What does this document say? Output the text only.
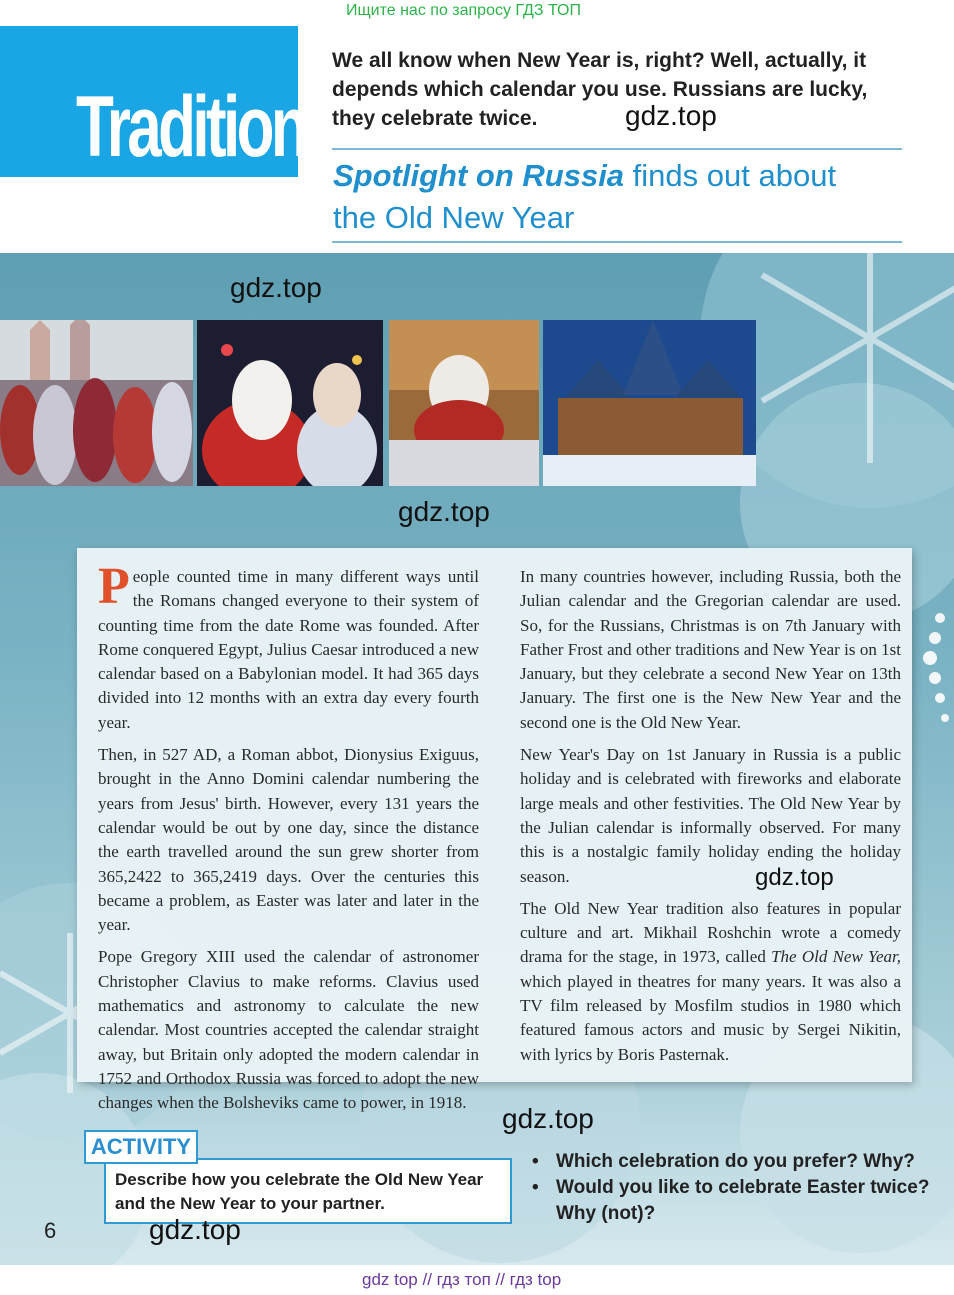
Ищите нас по запросу ГДЗ ТОП
Tradition
We all know when New Year is, right? Well, actually, it depends which calendar you use. Russians are lucky, they celebrate twice.
Spotlight on Russia finds out about
the Old New Year
gdz.top
gdz.top
gdz.top

People counted time in many different ways until the Romans changed everyone to their system of counting time from the date Rome was founded. After Rome conquered Egypt, Julius Caesar introduced a new calendar based on a Babylonian model. It had 365 days divided into 12 months with an extra day every fourth year.

Then, in 527 AD, a Roman abbot, Dionysius Exiguus, brought in the Anno Domini calendar numbering the years from Jesus' birth. However, every 131 years the calendar would be out by one day, since the distance the earth travelled around the sun grew shorter from 365,2422 to 365,2419 days. Over the centuries this became a problem, as Easter was later and later in the year.

Pope Gregory XIII used the calendar of astronomer Christopher Clavius to make reforms. Clavius used mathematics and astronomy to calculate the new calendar. Most countries accepted the calendar straight away, but Britain only adopted the modern calendar in 1752 and Orthodox Russia was forced to adopt the new changes when the Bolsheviks came to power, in 1918.

In many countries however, including Russia, both the Julian calendar and the Gregorian calendar are used. So, for the Russians, Christmas is on 7th January with Father Frost and other traditions and New Year is on 1st January, but they celebrate a second New Year on 13th January. The first one is the New New Year and the second one is the Old New Year.

New Year's Day on 1st January in Russia is a public holiday and is celebrated with fireworks and elaborate large meals and other festivities. The Old New Year by the Julian calendar is informally observed. For many this is a nostalgic family holiday ending the holiday season.

The Old New Year tradition also features in popular culture and art. Mikhail Roshchin wrote a comedy drama for the stage, in 1973, called The Old New Year, which played in theatres for many years. It was also a TV film released by Mosfilm studios in 1980 which featured famous actors and music by Sergei Nikitin, with lyrics by Boris Pasternak.

gdz.top
Describe how you celebrate the Old New Year
and the New Year to your partner.
ACTIVITY
gdz.top
• Which celebration do you prefer? Why?
• Would you like to celebrate Easter twice? Why (not)?
6	gdz.top
gdz top // гдз топ // гдз top
